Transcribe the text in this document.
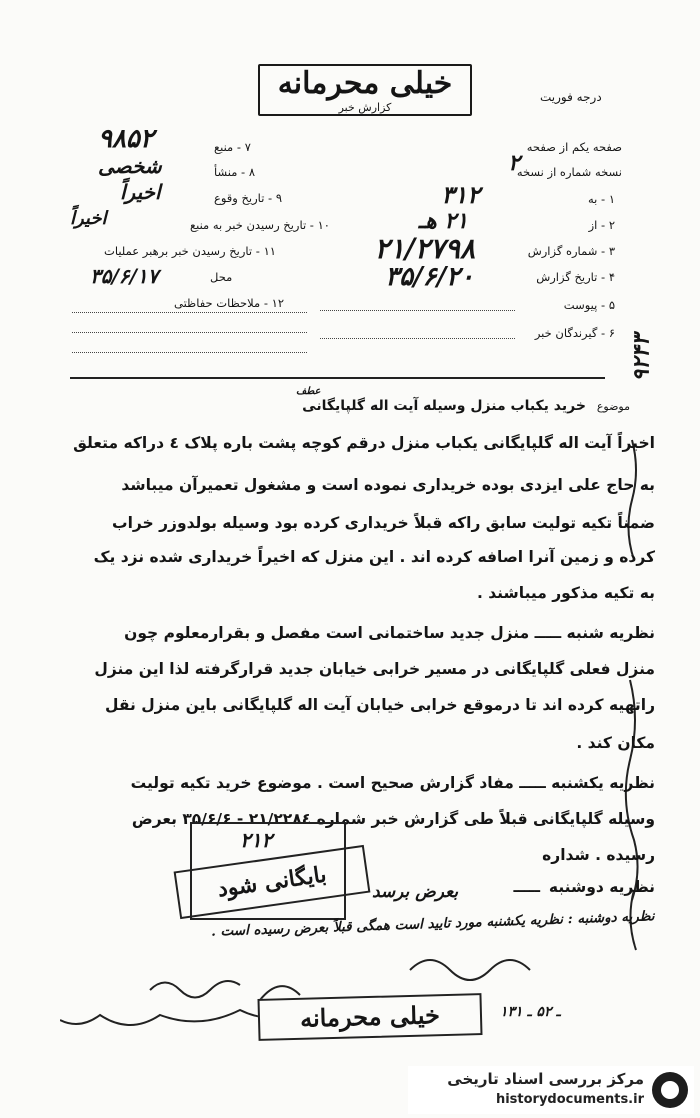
خیلی محرمانه
کزارش خبر
درجه فوریت
صفحه یکم از صفحه
نسخه شماره از نسخه
۲
۱ - به
۲ - از
۳ - شماره گزارش
۴ - تاریخ گزارش
۵ - پیوست
۶ - گیرندگان خبر
۳۱۲
۲۱ هـ
۲۱/۲۷۹۸
۳۵/۶/۲۰
۷ - منبع
۸ - منشأ
۹ - تاریخ وقوع
۱۰ - تاریخ رسیدن خبر به منبع
۱۱ - تاریخ رسیدن خبر برهبر عملیات
محل
۱۲ - ملاحظات حفاظتی
۹۸۵۲
شخصی
اخیراً
اخیراً
۳۵/۶/۱۷
۹۲۴۳
موضوع خرید یکباب منزل وسیله آیت اله گلپایگانی
عطف
اخیراً آیت اله گلپایگانی یکباب منزل درقم کوچه پشت باره پلاک ٤ دراکه متعلق
به حاج علی ایزدی بوده خریداری نموده است و مشغول تعمیرآن میباشد
ضمناً تکیه تولیت سابق راکه قبلاً خریداری کرده بود وسیله بولدوزر خراب
کرده و زمین آنرا اصافه کرده اند . این منزل که اخیراً خریداری شده نزد یک
به تکیه مذکور میباشند .
نظریه شنبه ـــــ منزل جدید ساختمانی است مفصل و بقرارمعلوم چون
منزل فعلی گلپایگانی در مسیر خرابی خیابان جدید قرارگرفته لذا این منزل
راتهیه کرده اند تا درموقع خرابی خیابان آیت اله گلپایگانی باین منزل نقل
مکان کند .
نظریه یکشنبه ـــــ مفاد گزارش صحیح است . موضوع خرید تکیه تولیت
وسیله گلپایگانی قبلاً طی گزارش خبر شماره ۲۱/۲۲۸٤ - ۳۵/۶/۶ بعرض
رسیده . شداره
۲۱۲
بایگانی شود	نظریه دوشنبه
ـــــ
بعرض برسد
نظریه دوشنبه : نظریه یکشنبه مورد تایید است همگی قبلاً بعرض رسیده است .
خیلی محرمانه	ـ ۵۲ ـ ۱۳۱
مرکز بررسی اسناد تاریخی
historydocuments.ir
